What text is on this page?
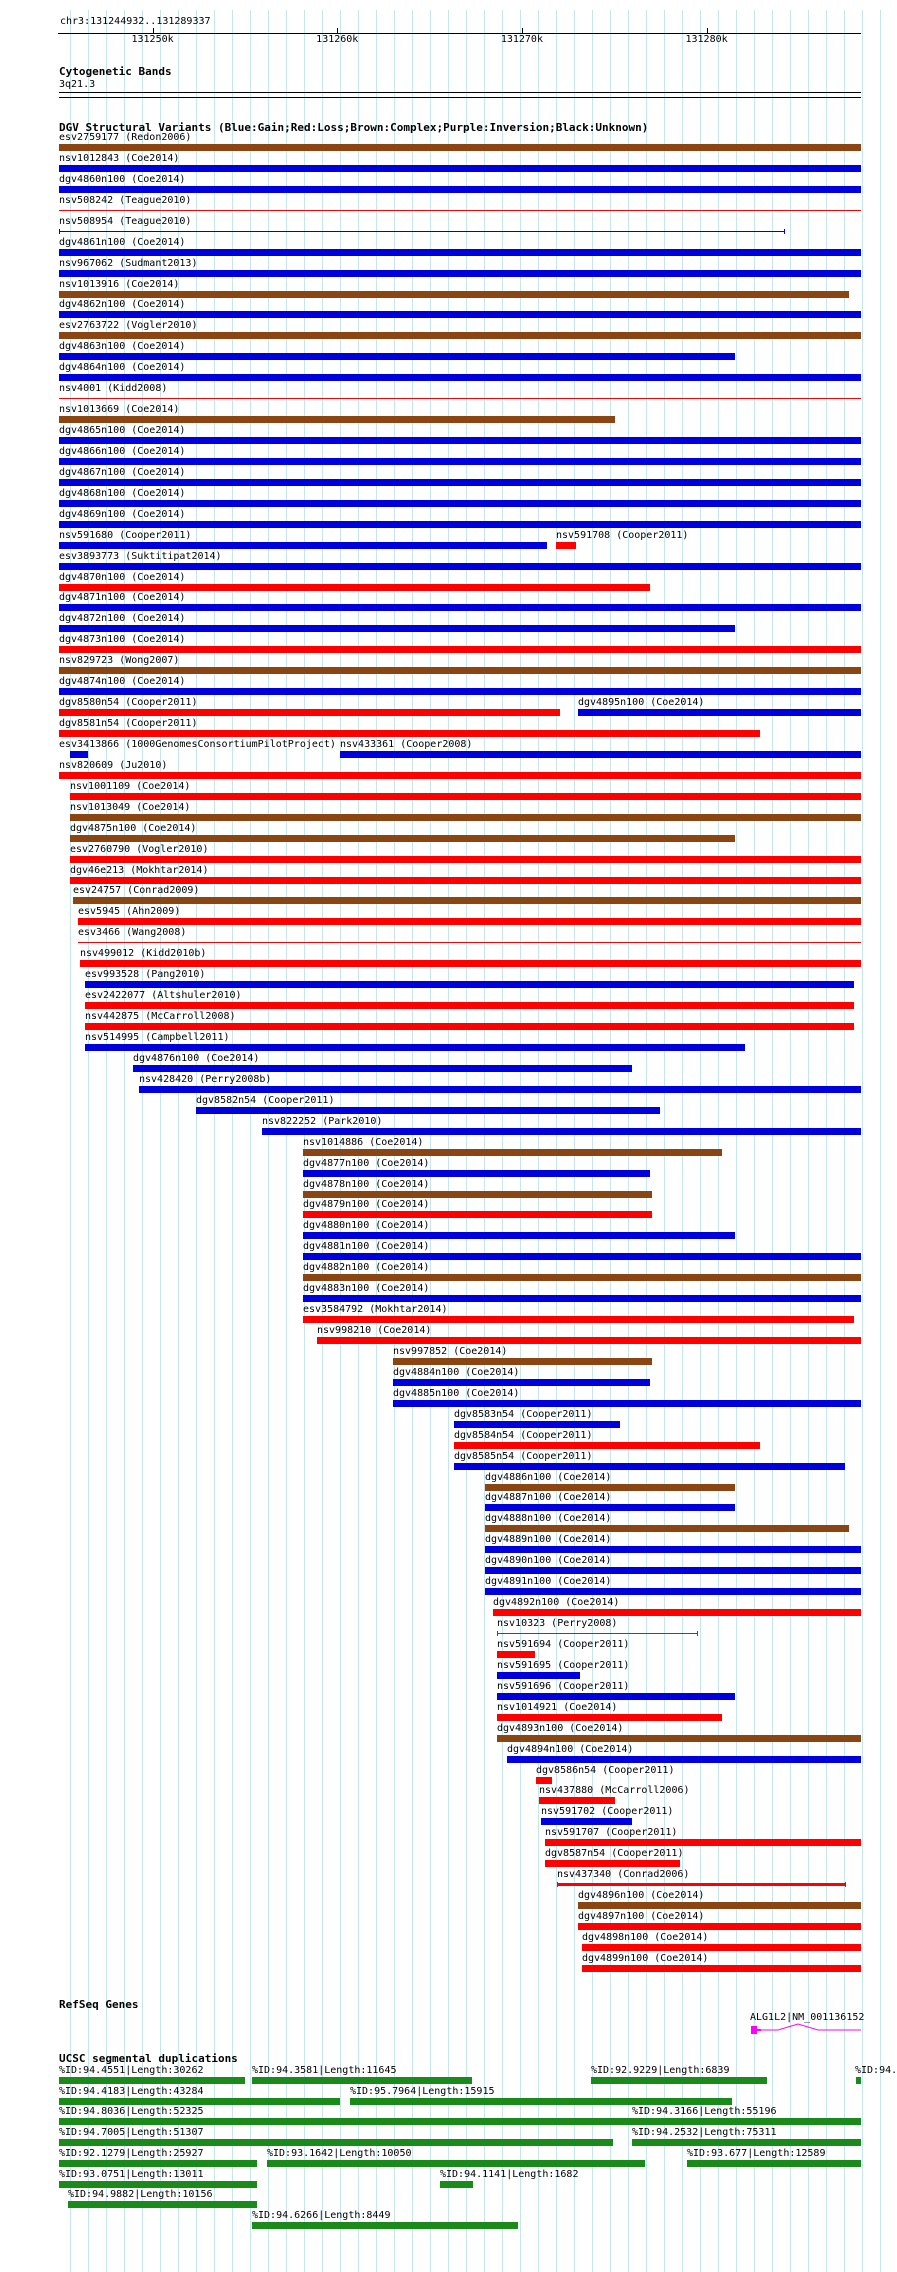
chr3:131244932..131289337
131250k	131260k	131270k	131280k
Cytogenetic Bands
3q21.3
DGV Structural Variants (Blue:Gain;Red:Loss;Brown:Complex;Purple:Inversion;Black:Unknown)
esv2759177 (Redon2006)
nsv1012843 (Coe2014)
dgv4860n100 (Coe2014)
nsv508242 (Teague2010)
nsv508954 (Teague2010)
dgv4861n100 (Coe2014)
nsv967062 (Sudmant2013)
nsv1013916 (Coe2014)
dgv4862n100 (Coe2014)
esv2763722 (Vogler2010)
dgv4863n100 (Coe2014)
dgv4864n100 (Coe2014)
nsv4001 (Kidd2008)
nsv1013669 (Coe2014)
dgv4865n100 (Coe2014)
dgv4866n100 (Coe2014)
dgv4867n100 (Coe2014)
dgv4868n100 (Coe2014)
dgv4869n100 (Coe2014)
nsv591680 (Cooper2011)	nsv591708 (Cooper2011)
esv3893773 (Suktitipat2014)
dgv4870n100 (Coe2014)
dgv4871n100 (Coe2014)
dgv4872n100 (Coe2014)
dgv4873n100 (Coe2014)
nsv829723 (Wong2007)
dgv4874n100 (Coe2014)
dgv8580n54 (Cooper2011)	dgv4895n100 (Coe2014)
dgv8581n54 (Cooper2011)
esv3413866 (1000GenomesConsortiumPilotProject) nsv433361 (Cooper2008)
nsv820609 (Ju2010)
nsv1001109 (Coe2014)
nsv1013049 (Coe2014)
dgv4875n100 (Coe2014)
esv2760790 (Vogler2010)
dgv46e213 (Mokhtar2014)
esv24757 (Conrad2009)
esv5945 (Ahn2009)
esv3466 (Wang2008)
nsv499012 (Kidd2010b)
esv993528 (Pang2010)
esv2422077 (Altshuler2010)
nsv442875 (McCarroll2008)
nsv514995 (Campbell2011)
dgv4876n100 (Coe2014)
nsv428420 (Perry2008b)
dgv8582n54 (Cooper2011)
nsv822252 (Park2010)
nsv1014886 (Coe2014)
dgv4877n100 (Coe2014)
dgv4878n100 (Coe2014)
dgv4879n100 (Coe2014)
dgv4880n100 (Coe2014)
dgv4881n100 (Coe2014)
dgv4882n100 (Coe2014)
dgv4883n100 (Coe2014)
esv3584792 (Mokhtar2014)
nsv998210 (Coe2014)
nsv997852 (Coe2014)
dgv4884n100 (Coe2014)
dgv4885n100 (Coe2014)
dgv8583n54 (Cooper2011)
dgv8584n54 (Cooper2011)
dgv8585n54 (Cooper2011)
dgv4886n100 (Coe2014)
dgv4887n100 (Coe2014)
dgv4888n100 (Coe2014)
dgv4889n100 (Coe2014)
dgv4890n100 (Coe2014)
dgv4891n100 (Coe2014)
dgv4892n100 (Coe2014)
nsv10323 (Perry2008)
nsv591694 (Cooper2011)
nsv591695 (Cooper2011)
nsv591696 (Cooper2011)
nsv1014921 (Coe2014)
dgv4893n100 (Coe2014)
dgv4894n100 (Coe2014)
dgv8586n54 (Cooper2011)
nsv437880 (McCarroll2006)
nsv591702 (Cooper2011)
nsv591707 (Cooper2011)
dgv8587n54 (Cooper2011)
nsv437340 (Conrad2006)
dgv4896n100 (Coe2014)
dgv4897n100 (Coe2014)
dgv4898n100 (Coe2014)
dgv4899n100 (Coe2014)
RefSeq Genes
ALG1L2|NM_001136152
UCSC segmental duplications
%ID:94.4551|Length:30262	%ID:94.3581|Length:11645	%ID:92.9229|Length:6839	%ID:94.
%ID:94.4183|Length:43284	%ID:95.7964|Length:15915
%ID:94.8036|Length:52325	%ID:94.3166|Length:55196
%ID:94.7005|Length:51307	%ID:94.2532|Length:75311
%ID:92.1279|Length:25927	%ID:93.1642|Length:10050	%ID:93.677|Length:12589
%ID:93.0751|Length:13011	%ID:94.1141|Length:1682
%ID:94.9882|Length:10156
%ID:94.6266|Length:8449
